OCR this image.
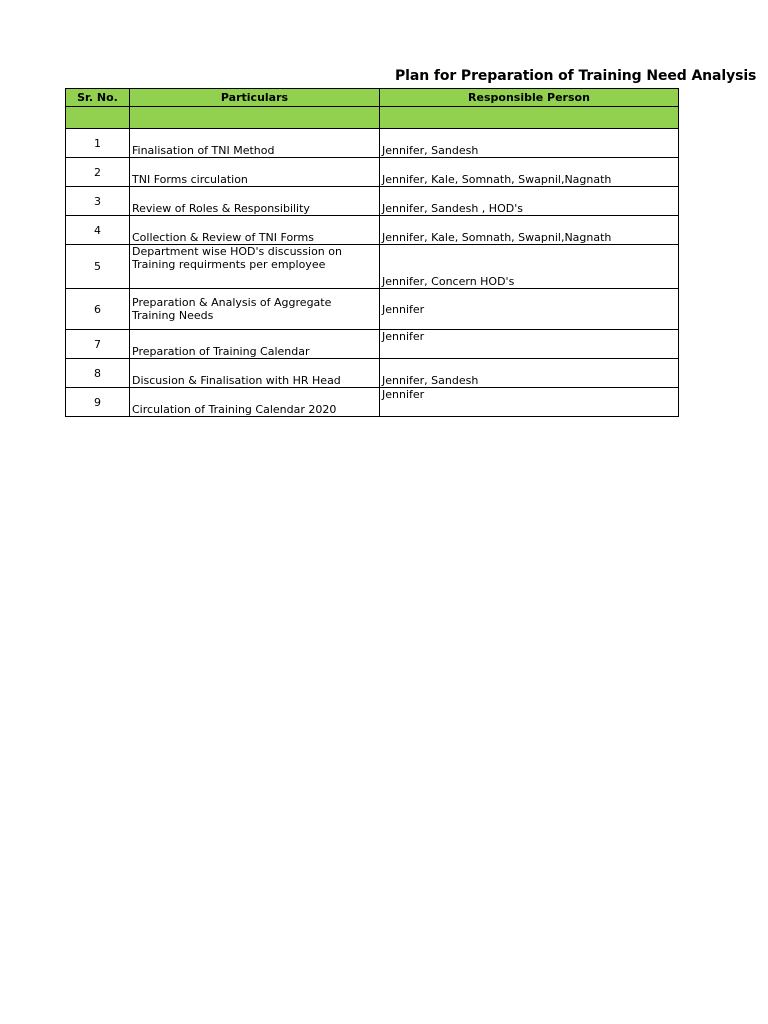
Plan for Preparation of Training Need Analysis
Sr. No.	Particulars	Responsible Person

1	Finalisation of TNI Method	Jennifer, Sandesh
2	TNI Forms circulation	Jennifer, Kale, Somnath, Swapnil,Nagnath
3	Review of Roles & Responsibility	Jennifer, Sandesh , HOD's
4	Collection & Review of TNI Forms	Jennifer, Kale, Somnath, Swapnil,Nagnath
5	Department wise HOD's discussion on Training requirments per employee	Jennifer, Concern HOD's
6	Preparation & Analysis of Aggregate Training Needs	Jennifer
7	Preparation of Training Calendar	Jennifer
8	Discusion & Finalisation with HR Head	Jennifer, Sandesh
9	Circulation of Training Calendar 2020	Jennifer
